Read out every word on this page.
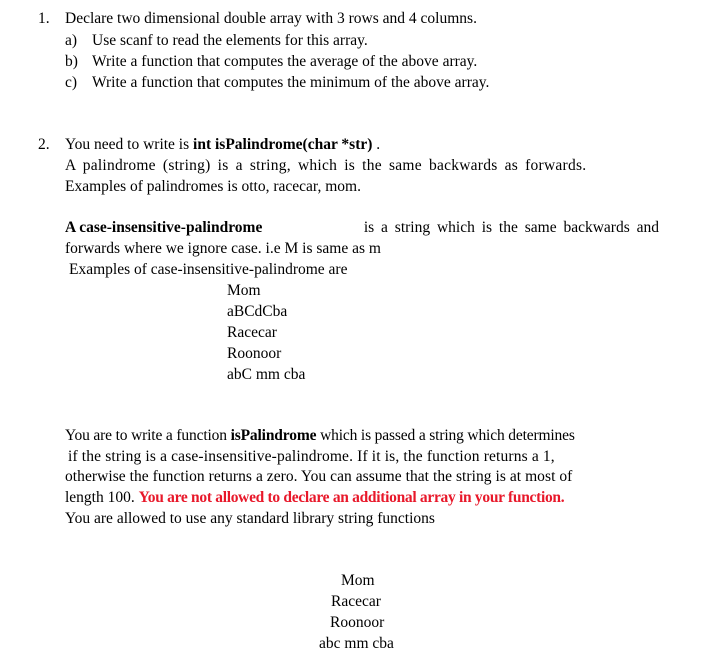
1. Declare two dimensional double array with 3 rows and 4 columns.
a) Use scanf to read the elements for this array.
b) Write a function that computes the average of the above array.
c) Write a function that computes the minimum of the above array.
2. You need to write is int isPalindrome(char *str) .
A palindrome (string) is a string, which is the same backwards as forwards.
Examples of palindromes is otto, racecar, mom.
A case-insensitive-palindrome	is a string which is the same backwards and
forwards where we ignore case. i.e M is same as m
Examples of case-insensitive-palindrome are
Mom
aBCdCba
Racecar
Roonoor
abC mm cba
You are to write a function isPalindrome which is passed a string which determines
if the string is a case-insensitive-palindrome. If it is, the function returns a 1,
otherwise the function returns a zero. You can assume that the string is at most of
length 100. You are not allowed to declare an additional array in your function.
You are allowed to use any standard library string functions
Mom
Racecar
Roonoor
abc mm cba
